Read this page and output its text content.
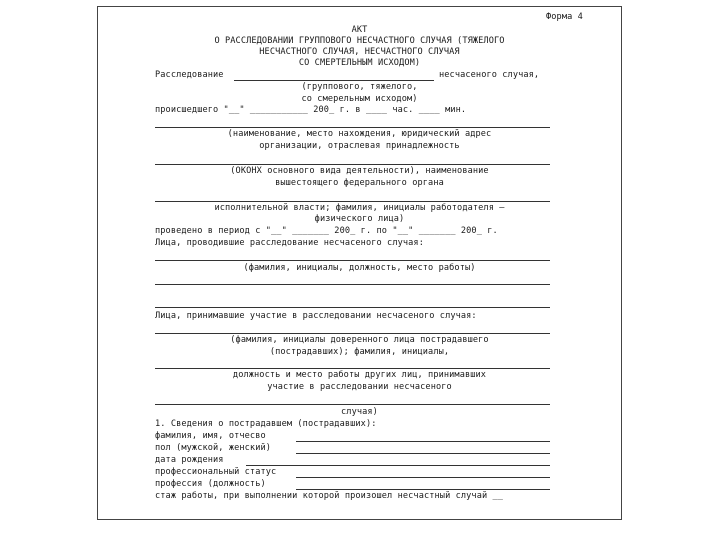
Форма 4
АКТ
О РАССЛЕДОВАНИИ ГРУППОВОГО НЕСЧАСТНОГО СЛУЧАЯ (ТЯЖЕЛОГО
НЕСЧАСТНОГО СЛУЧАЯ, НЕСЧАСТНОГО СЛУЧАЯ
СО СМЕРТЕЛЬНЫМ ИСХОДОМ)
Расследование	несчасеного случая,
(группового, тяжелого,
со смерельным исходом)
происшедшего "__" ___________ 200_ г. в ____ час. ____ мин.
(наименование, место нахождения, юридический адрес
организации, отраслевая принадлежность
(ОКОНХ основного вида деятельности), наименование
вышестоящего федерального органа
исполнительной власти; фамилия, инициалы работодателя –
физического лица)
проведено в период с "__" _______ 200_ г. по "__" _______ 200_ г.
Лица, проводившие расследование несчасеного случая:
(фамилия, инициалы, должность, место работы)
Лица, принимавшие участие в расследовании несчасеного случая:
(фамилия, инициалы доверенного лица пострадавшего
(пострадавших); фамилия, инициалы,
должность и место работы других лиц, принимавших
участие в расследовании несчасеного
случая)
1. Сведения о пострадавшем (пострадавших):
фамилия, имя, отчесво
пол (мужской, женский)
дата рождения
профессиональный статус
профессия (должность)
стаж работы, при выполнении которой произошел несчастный случай __
